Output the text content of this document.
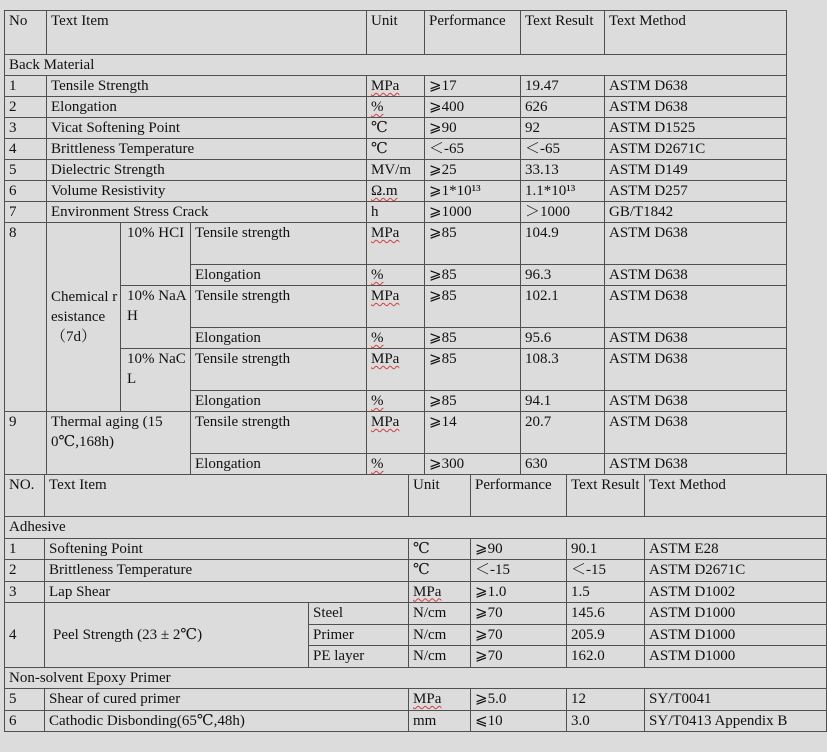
No	Text Item			Unit	Performance	Text Result	Text Method
Back Material							
1	Tensile Strength			MPa	⩾17	19.47	ASTM D638
2	Elongation			%	⩾400	626	ASTM D638
3	Vicat Softening Point			℃	⩾90	92	ASTM D1525
4	Brittleness Temperature			℃	＜-65	＜-65	ASTM D2671C
5	Dielectric Strength			MV/m	⩾25	33.13	ASTM D149
6	Volume Resistivity			Ω.m	⩾1*10¹³	1.1*10¹³	ASTM D257
7	Environment Stress Crack			h	⩾1000	＞1000	GB/T1842
8	Chemical resistance（7d）	10% HCI	Tensile strength	MPa	⩾85	104.9	ASTM D638
			Elongation	%	⩾85	96.3	ASTM D638
		10% NaAH	Tensile strength	MPa	⩾85	102.1	ASTM D638
			Elongation	%	⩾85	95.6	ASTM D638
		10% NaCL	Tensile strength	MPa	⩾85	108.3	ASTM D638
			Elongation	%	⩾85	94.1	ASTM D638
9	Thermal aging (150℃,168h)		Tensile strength	MPa	⩾14	20.7	ASTM D638
			Elongation	%	⩾300	630	ASTM D638
NO.	Text Item		Unit	Performance	Text Result	Text Method
Adhesive						
1	Softening Point		℃	⩾90	90.1	ASTM E28
2	Brittleness Temperature		℃	＜-15	＜-15	ASTM D2671C
3	Lap Shear		MPa	⩾1.0	1.5	ASTM D1002
4	Peel Strength (23 ± 2℃)	Steel	N/cm	⩾70	145.6	ASTM D1000
		Primer	N/cm	⩾70	205.9	ASTM D1000
		PE layer	N/cm	⩾70	162.0	ASTM D1000
Non-solvent Epoxy Primer						
5	Shear of cured primer		MPa	⩾5.0	12	SY/T0041
6	Cathodic Disbonding(65℃,48h)		mm	⩽10	3.0	SY/T0413 Appendix B
